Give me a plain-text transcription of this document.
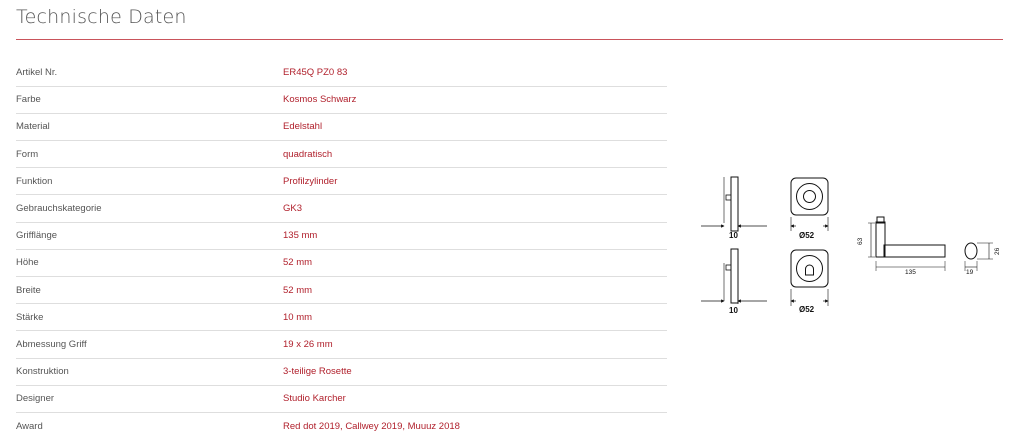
Technische Daten
Artikel Nr.	ER45Q PZ0 83
Farbe	Kosmos Schwarz
Material	Edelstahl
Form	quadratisch
Funktion	Profilzylinder
Gebrauchskategorie	GK3
Grifflänge	135 mm
Höhe	52 mm
Breite	52 mm
Stärke	10 mm
Abmessung Griff	19 x 26 mm
Konstruktion	3-teilige Rosette
Designer	Studio Karcher
Award	Red dot 2019, Callwey 2019, Muuuz 2018
10	Ø52
10	Ø52
63
135
26
19
